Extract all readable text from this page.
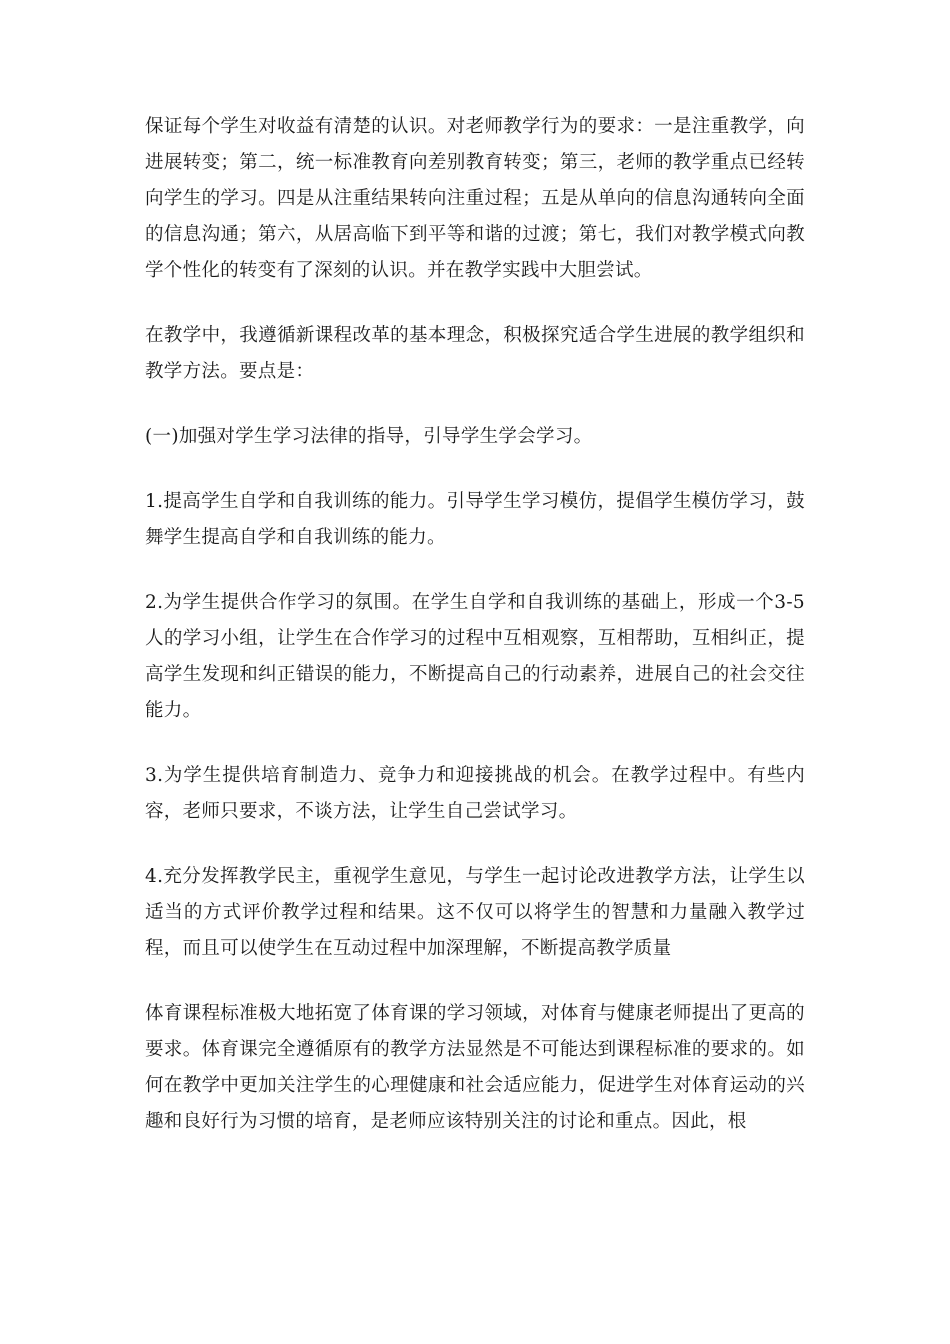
保证每个学生对收益有清楚的认识。对老师教学行为的要求：一是注重教学，向进展转变；第二，统一标准教育向差别教育转变；第三，老师的教学重点已经转向学生的学习。四是从注重结果转向注重过程；五是从单向的信息沟通转向全面的信息沟通；第六，从居高临下到平等和谐的过渡；第七，我们对教学模式向教学个性化的转变有了深刻的认识。并在教学实践中大胆尝试。

在教学中，我遵循新课程改革的基本理念，积极探究适合学生进展的教学组织和教学方法。要点是：

(一)加强对学生学习法律的指导，引导学生学会学习。

1.提高学生自学和自我训练的能力。引导学生学习模仿，提倡学生模仿学习，鼓舞学生提高自学和自我训练的能力。

2.为学生提供合作学习的氛围。在学生自学和自我训练的基础上，形成一个3-5人的学习小组，让学生在合作学习的过程中互相观察，互相帮助，互相纠正，提高学生发现和纠正错误的能力，不断提高自己的行动素养，进展自己的社会交往能力。

3.为学生提供培育制造力、竞争力和迎接挑战的机会。在教学过程中。有些内容，老师只要求，不谈方法，让学生自己尝试学习。

4.充分发挥教学民主，重视学生意见，与学生一起讨论改进教学方法，让学生以适当的方式评价教学过程和结果。这不仅可以将学生的智慧和力量融入教学过程，而且可以使学生在互动过程中加深理解，不断提高教学质量

体育课程标准极大地拓宽了体育课的学习领域，对体育与健康老师提出了更高的要求。体育课完全遵循原有的教学方法显然是不可能达到课程标准的要求的。如何在教学中更加关注学生的心理健康和社会适应能力，促进学生对体育运动的兴趣和良好行为习惯的培育，是老师应该特别关注的讨论和重点。因此，根
